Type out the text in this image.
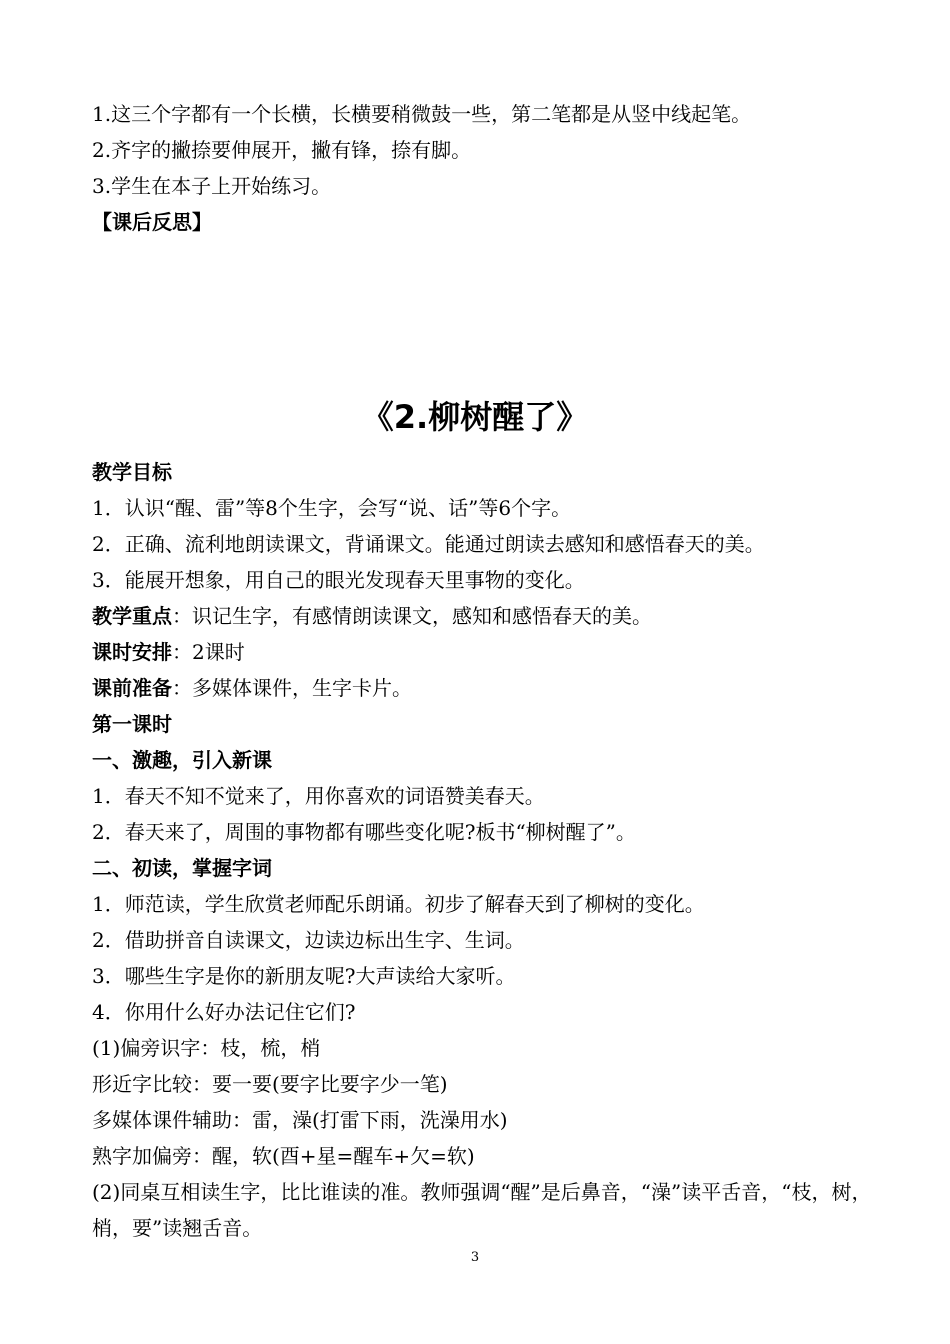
1.这三个字都有一个长横，长横要稍微鼓一些，第二笔都是从竖中线起笔。
2.齐字的撇捺要伸展开，撇有锋，捺有脚。
3.学生在本子上开始练习。
【课后反思】
《2.柳树醒了》
教学目标
1．认识“醒、雷”等8个生字，会写“说、话”等6个字。
2．正确、流利地朗读课文，背诵课文。能通过朗读去感知和感悟春天的美。
3．能展开想象，用自己的眼光发现春天里事物的变化。
教学重点：识记生字，有感情朗读课文，感知和感悟春天的美。
课时安排：2课时
课前准备：多媒体课件，生字卡片。
第一课时
一、激趣，引入新课
1．春天不知不觉来了，用你喜欢的词语赞美春天。
2．春天来了，周围的事物都有哪些变化呢?板书“柳树醒了”。
二、初读，掌握字词
1．师范读，学生欣赏老师配乐朗诵。初步了解春天到了柳树的变化。
2．借助拼音自读课文，边读边标出生字、生词。
3．哪些生字是你的新朋友呢?大声读给大家听。
4．你用什么好办法记住它们?
(1)偏旁识字：枝，梳，梢
形近字比较：要一要(要字比要字少一笔)
多媒体课件辅助：雷，澡(打雷下雨，洗澡用水)
熟字加偏旁：醒，软(酉+星=醒车+欠=软)
(2)同桌互相读生字，比比谁读的准。教师强调“醒”是后鼻音，“澡”读平舌音，“枝，树，梢，要”读翘舌音。
3
